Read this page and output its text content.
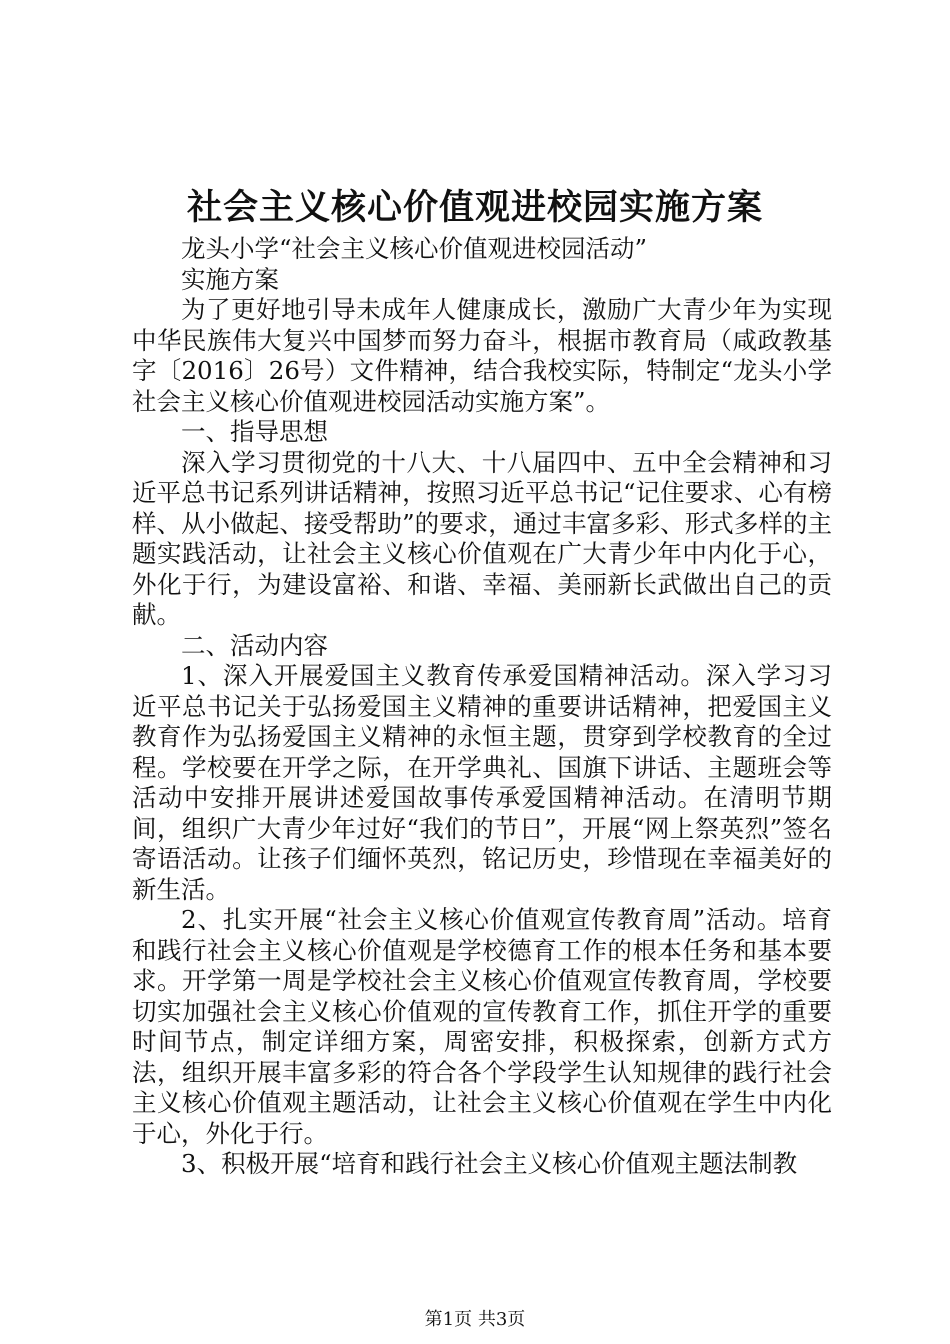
社会主义核心价值观进校园实施方案

龙头小学“社会主义核心价值观进校园活动”

实施方案

为了更好地引导未成年人健康成长，激励广大青少年为实现中华民族伟大复兴中国梦而努力奋斗，根据市教育局（咸政教基字〔2016〕26号）文件精神，结合我校实际，特制定“龙头小学社会主义核心价值观进校园活动实施方案”。

一、指导思想

深入学习贯彻党的十八大、十八届四中、五中全会精神和习近平总书记系列讲话精神，按照习近平总书记“记住要求、心有榜样、从小做起、接受帮助”的要求，通过丰富多彩、形式多样的主题实践活动，让社会主义核心价值观在广大青少年中内化于心，外化于行，为建设富裕、和谐、幸福、美丽新长武做出自己的贡献。

二、活动内容

1、深入开展爱国主义教育传承爱国精神活动。深入学习习近平总书记关于弘扬爱国主义精神的重要讲话精神，把爱国主义教育作为弘扬爱国主义精神的永恒主题，贯穿到学校教育的全过程。学校要在开学之际，在开学典礼、国旗下讲话、主题班会等活动中安排开展讲述爱国故事传承爱国精神活动。在清明节期间，组织广大青少年过好“我们的节日”，开展“网上祭英烈”签名寄语活动。让孩子们缅怀英烈，铭记历史，珍惜现在幸福美好的新生活。

2、扎实开展“社会主义核心价值观宣传教育周”活动。培育和践行社会主义核心价值观是学校德育工作的根本任务和基本要求。开学第一周是学校社会主义核心价值观宣传教育周，学校要切实加强社会主义核心价值观的宣传教育工作，抓住开学的重要时间节点，制定详细方案，周密安排，积极探索，创新方式方法，组织开展丰富多彩的符合各个学段学生认知规律的践行社会主义核心价值观主题活动，让社会主义核心价值观在学生中内化于心，外化于行。

3、积极开展“培育和践行社会主义核心价值观主题法制教

第1页 共3页
